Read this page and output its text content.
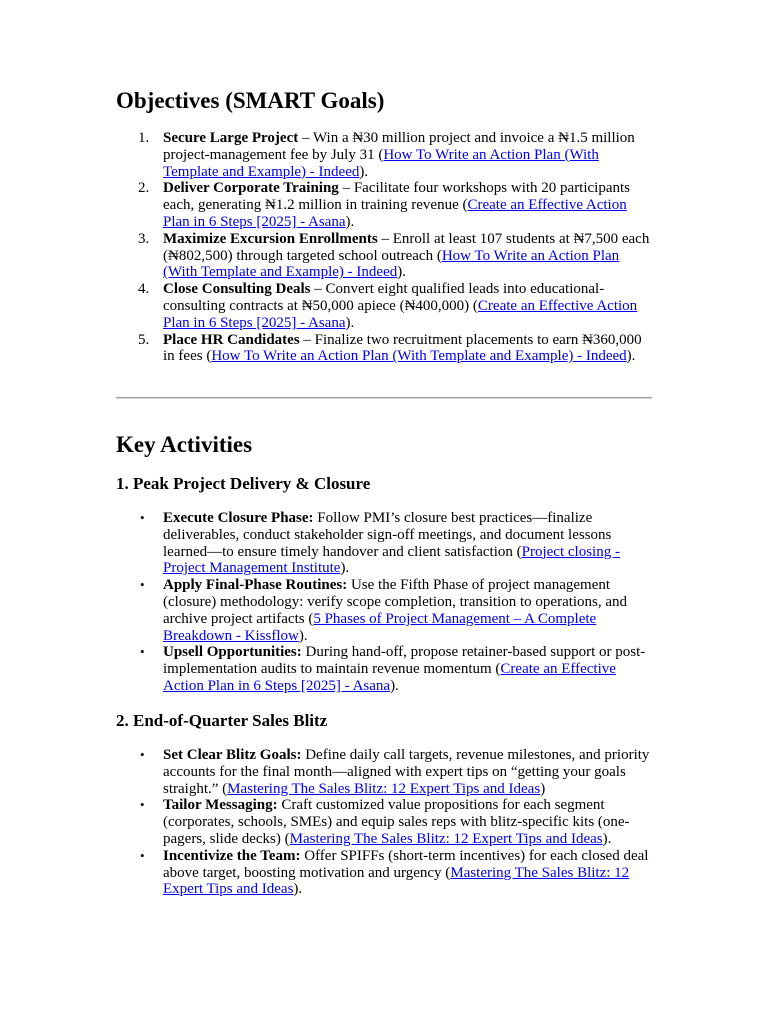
Objectives (SMART Goals)
1. Secure Large Project – Win a ₦30 million project and invoice a ₦1.5 million project-management fee by July 31 (How To Write an Action Plan (With Template and Example) - Indeed).
2. Deliver Corporate Training – Facilitate four workshops with 20 participants each, generating ₦1.2 million in training revenue (Create an Effective Action Plan in 6 Steps [2025] - Asana).
3. Maximize Excursion Enrollments – Enroll at least 107 students at ₦7,500 each (₦802,500) through targeted school outreach (How To Write an Action Plan (With Template and Example) - Indeed).
4. Close Consulting Deals – Convert eight qualified leads into educational-consulting contracts at ₦50,000 apiece (₦400,000) (Create an Effective Action Plan in 6 Steps [2025] - Asana).
5. Place HR Candidates – Finalize two recruitment placements to earn ₦360,000 in fees (How To Write an Action Plan (With Template and Example) - Indeed).
Key Activities
1. Peak Project Delivery & Closure
• Execute Closure Phase: Follow PMI’s closure best practices—finalize deliverables, conduct stakeholder sign-off meetings, and document lessons learned—to ensure timely handover and client satisfaction (Project closing - Project Management Institute).
• Apply Final-Phase Routines: Use the Fifth Phase of project management (closure) methodology: verify scope completion, transition to operations, and archive project artifacts (5 Phases of Project Management – A Complete Breakdown - Kissflow).
• Upsell Opportunities: During hand-off, propose retainer-based support or post-implementation audits to maintain revenue momentum (Create an Effective Action Plan in 6 Steps [2025] - Asana).
2. End-of-Quarter Sales Blitz
• Set Clear Blitz Goals: Define daily call targets, revenue milestones, and priority accounts for the final month—aligned with expert tips on “getting your goals straight.” (Mastering The Sales Blitz: 12 Expert Tips and Ideas)
• Tailor Messaging: Craft customized value propositions for each segment (corporates, schools, SMEs) and equip sales reps with blitz-specific kits (one-pagers, slide decks) (Mastering The Sales Blitz: 12 Expert Tips and Ideas).
• Incentivize the Team: Offer SPIFFs (short-term incentives) for each closed deal above target, boosting motivation and urgency (Mastering The Sales Blitz: 12 Expert Tips and Ideas).
